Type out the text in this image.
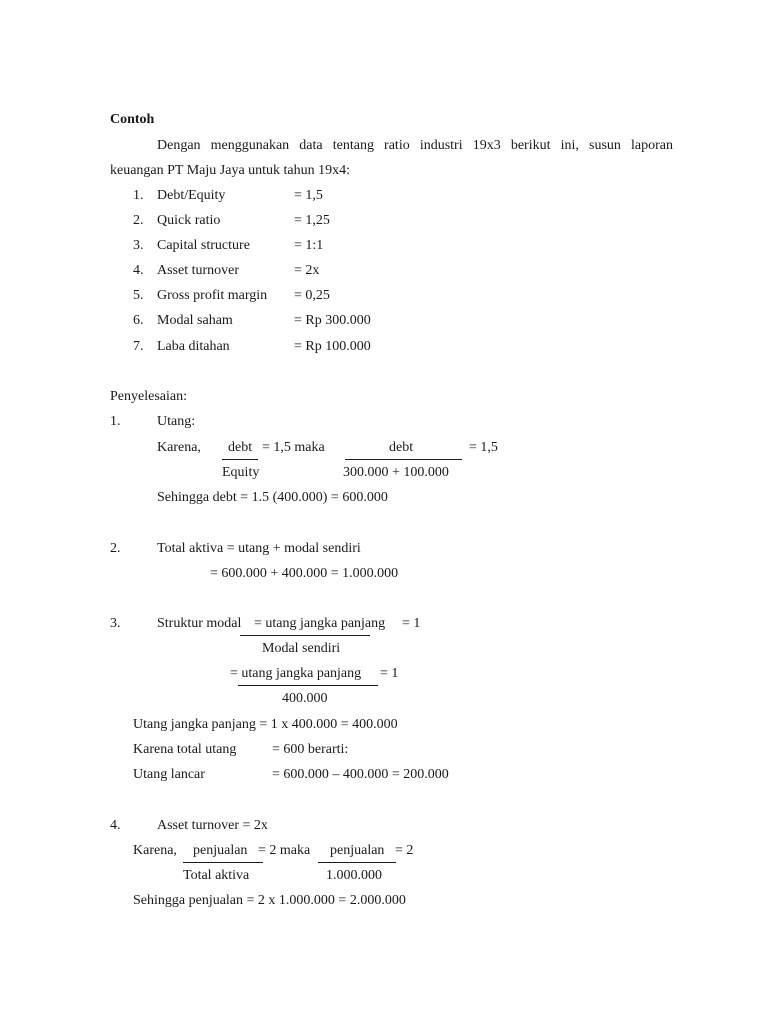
Contoh
Dengan menggunakan data tentang ratio industri 19x3 berikut ini, susun laporan
keuangan PT Maju Jaya untuk tahun 19x4:
1. Debt/Equity	= 1,5
2. Quick ratio	= 1,25
3. Capital structure	= 1:1
4. Asset turnover	= 2x
5. Gross profit margin = 0,25
6. Modal saham	= Rp 300.000
7. Laba ditahan	= Rp 100.000
Penyelesaian:
1.	Utang:
Karena, debt = 1,5 maka	debt	= 1,5
Equity	300.000 + 100.000
Sehingga debt = 1.5 (400.000) = 600.000
2.	Total aktiva = utang + modal sendiri
= 600.000 + 400.000 = 1.000.000
3.	Struktur modal = utang jangka panjang = 1
Modal sendiri
= utang jangka panjang = 1
400.000
Utang jangka panjang = 1 x 400.000 = 400.000
Karena total utang	= 600 berarti:
Utang lancar	= 600.000 – 400.000 = 200.000
4.	Asset turnover = 2x
Karena, penjualan = 2 maka penjualan = 2
Total aktiva	1.000.000
Sehingga penjualan = 2 x 1.000.000 = 2.000.000
